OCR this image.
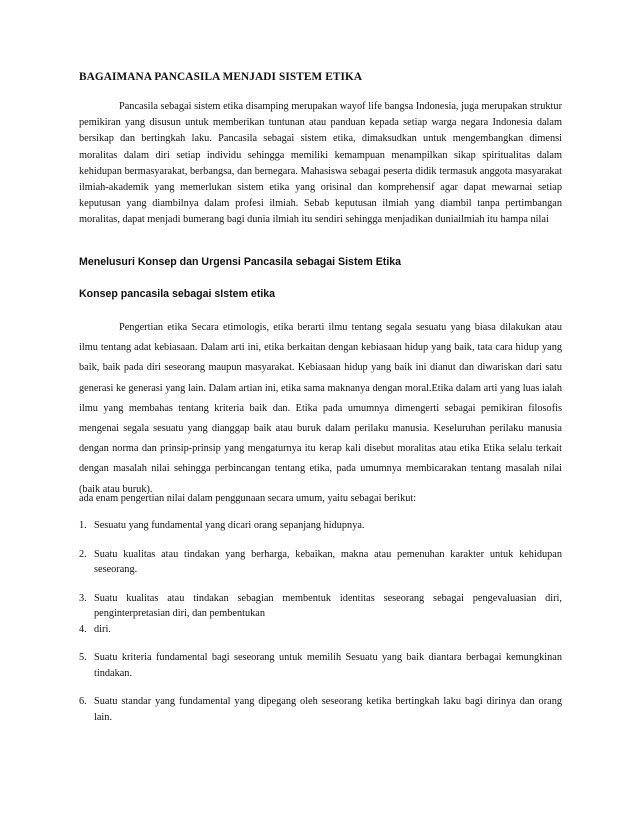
BAGAIMANA PANCASILA MENJADI SISTEM ETIKA

Pancasila sebagai sistem etika disamping merupakan wayof life bangsa Indonesia, juga merupakan struktur pemikiran yang disusun untuk memberikan tuntunan atau panduan kepada setiap warga negara Indonesia dalam bersikap dan bertingkah laku. Pancasila sebagai sistem etika, dimaksudkan untuk mengembangkan dimensi moralitas dalam diri setiap individu sehingga memiliki kemampuan menampilkan sikap spiritualitas dalam kehidupan bermasyarakat, berbangsa, dan bernegara. Mahasiswa sebagai peserta didik termasuk anggota masyarakat ilmiah-akademik yang memerlukan sistem etika yang orisinal dan komprehensif agar dapat mewarnai setiap keputusan yang diambilnya dalam profesi ilmiah. Sebab keputusan ilmiah yang diambil tanpa pertimbangan moralitas, dapat menjadi bumerang bagi dunia ilmiah itu sendiri sehingga menjadikan duniailmiah itu hampa nilai

Menelusuri Konsep dan Urgensi Pancasila sebagai Sistem Etika

Konsep pancasila sebagai sIstem etika

Pengertian etika Secara etimologis, etika berarti ilmu tentang segala sesuatu yang biasa dilakukan atau ilmu tentang adat kebiasaan. Dalam arti ini, etika berkaitan dengan kebiasaan hidup yang baik, tata cara hidup yang baik, baik pada diri seseorang maupun masyarakat. Kebiasaan hidup yang baik ini dianut dan diwariskan dari satu generasi ke generasi yang lain. Dalam artian ini, etika sama maknanya dengan moral.Etika dalam arti yang luas ialah ilmu yang membahas tentang kriteria baik dan. Etika pada umumnya dimengerti sebagai pemikiran filosofis mengenai segala sesuatu yang dianggap baik atau buruk dalam perilaku manusia. Keseluruhan perilaku manusia dengan norma dan prinsip-prinsip yang mengaturnya itu kerap kali disebut moralitas atau etika Etika selalu terkait dengan masalah nilai sehingga perbincangan tentang etika, pada umumnya membicarakan tentang masalah nilai (baik atau buruk).

ada enam pengertian nilai dalam penggunaan secara umum, yaitu sebagai berikut:

1. Sesuatu yang fundamental yang dicari orang sepanjang hidupnya.
2. Suatu kualitas atau tindakan yang berharga, kebaikan, makna atau pemenuhan karakter untuk kehidupan seseorang.
3. Suatu kualitas atau tindakan sebagian membentuk identitas seseorang sebagai pengevaluasian diri, penginterpretasian diri, dan pembentukan
4. diri.
5. Suatu kriteria fundamental bagi seseorang untuk memilih Sesuatu yang baik diantara berbagai kemungkinan tindakan.
6. Suatu standar yang fundamental yang dipegang oleh seseorang ketika bertingkah laku bagi dirinya dan orang lain.
